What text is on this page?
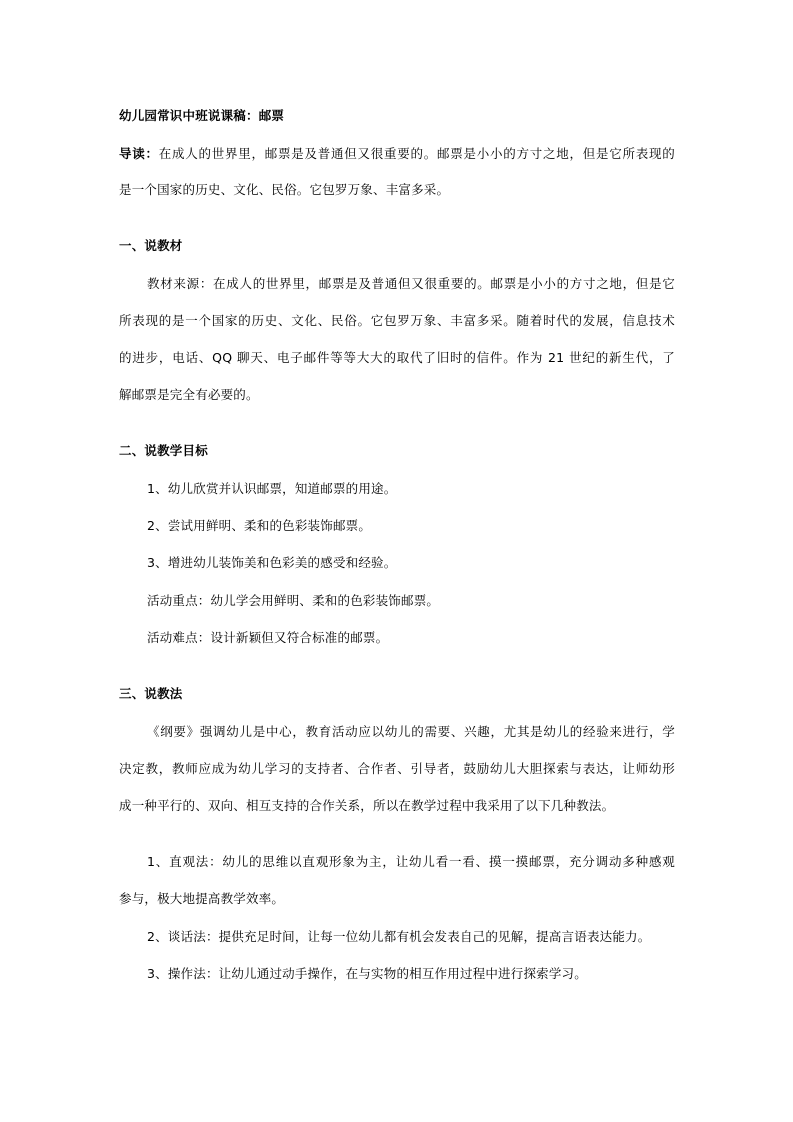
幼儿园常识中班说课稿：邮票
导读：在成人的世界里，邮票是及普通但又很重要的。邮票是小小的方寸之地，但是它所表现的
是一个国家的历史、文化、民俗。它包罗万象、丰富多采。
一、说教材
教材来源：在成人的世界里，邮票是及普通但又很重要的。邮票是小小的方寸之地，但是它
所表现的是一个国家的历史、文化、民俗。它包罗万象、丰富多采。随着时代的发展，信息技术
的进步，电话、QQ 聊天、电子邮件等等大大的取代了旧时的信件。作为 21 世纪的新生代，了
解邮票是完全有必要的。
二、说教学目标
1、幼儿欣赏并认识邮票，知道邮票的用途。
2、尝试用鲜明、柔和的色彩装饰邮票。
3、增进幼儿装饰美和色彩美的感受和经验。
活动重点：幼儿学会用鲜明、柔和的色彩装饰邮票。
活动难点：设计新颖但又符合标准的邮票。
三、说教法
《纲要》强调幼儿是中心，教育活动应以幼儿的需要、兴趣，尤其是幼儿的经验来进行，学
决定教，教师应成为幼儿学习的支持者、合作者、引导者，鼓励幼儿大胆探索与表达，让师幼形
成一种平行的、双向、相互支持的合作关系，所以在教学过程中我采用了以下几种教法。
1、直观法：幼儿的思维以直观形象为主，让幼儿看一看、摸一摸邮票，充分调动多种感观
参与，极大地提高教学效率。
2、谈话法：提供充足时间，让每一位幼儿都有机会发表自己的见解，提高言语表达能力。
3、操作法：让幼儿通过动手操作，在与实物的相互作用过程中进行探索学习。
